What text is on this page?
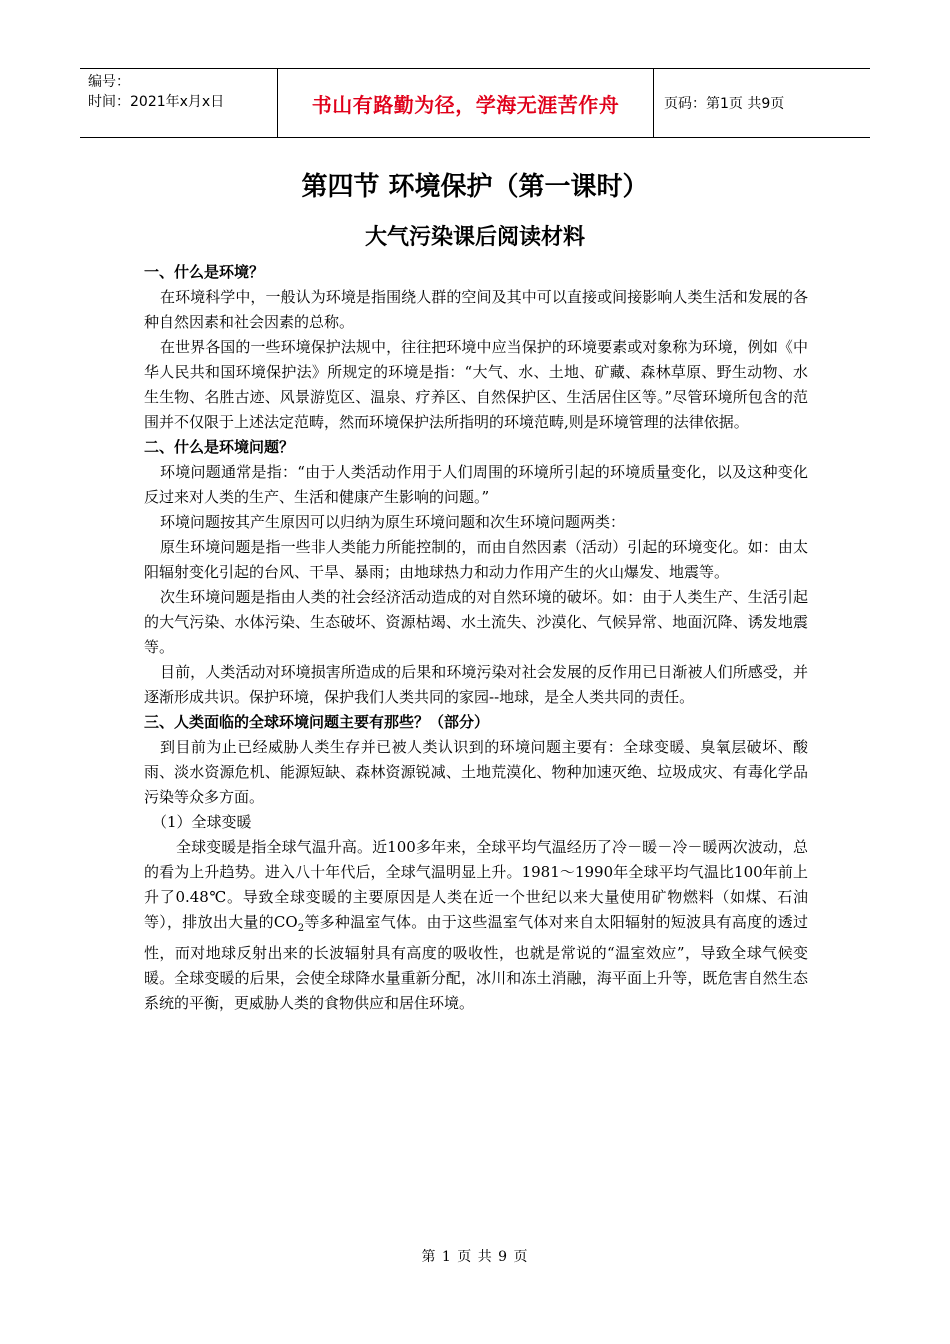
编号：
时间：2021年x月x日	书山有路勤为径，学海无涯苦作舟	页码：第1页 共9页
第四节 环境保护（第一课时）
大气污染课后阅读材料

一、什么是环境？

在环境科学中，一般认为环境是指围绕人群的空间及其中可以直接或间接影响人类生活和发展的各种自然因素和社会因素的总称。

在世界各国的一些环境保护法规中，往往把环境中应当保护的环境要素或对象称为环境，例如《中华人民共和国环境保护法》所规定的环境是指：“大气、水、土地、矿藏、森林草原、野生动物、水生生物、名胜古迹、风景游览区、温泉、疗养区、自然保护区、生活居住区等。”尽管环境所包含的范围并不仅限于上述法定范畴，然而环境保护法所指明的环境范畴,则是环境管理的法律依据。

二、什么是环境问题？

环境问题通常是指：“由于人类活动作用于人们周围的环境所引起的环境质量变化，以及这种变化反过来对人类的生产、生活和健康产生影响的问题。”

环境问题按其产生原因可以归纳为原生环境问题和次生环境问题两类：

原生环境问题是指一些非人类能力所能控制的，而由自然因素（活动）引起的环境变化。如：由太阳辐射变化引起的台风、干旱、暴雨；由地球热力和动力作用产生的火山爆发、地震等。

次生环境问题是指由人类的社会经济活动造成的对自然环境的破坏。如：由于人类生产、生活引起的大气污染、水体污染、生态破坏、资源枯竭、水土流失、沙漠化、气候异常、地面沉降、诱发地震等。

目前，人类活动对环境损害所造成的后果和环境污染对社会发展的反作用已日渐被人们所感受，并逐渐形成共识。保护环境，保护我们人类共同的家园--地球，是全人类共同的责任。

三、人类面临的全球环境问题主要有那些？（部分）

到目前为止已经威胁人类生存并已被人类认识到的环境问题主要有：全球变暖、臭氧层破坏、酸雨、淡水资源危机、能源短缺、森林资源锐减、土地荒漠化、物种加速灭绝、垃圾成灾、有毒化学品污染等众多方面。

（1）全球变暖

全球变暖是指全球气温升高。近100多年来，全球平均气温经历了冷－暖－冷－暖两次波动，总的看为上升趋势。进入八十年代后，全球气温明显上升。1981～1990年全球平均气温比100年前上升了0.48℃。导致全球变暖的主要原因是人类在近一个世纪以来大量使用矿物燃料（如煤、石油等），排放出大量的$CO_2$等多种温室气体。由于这些温室气体对来自太阳辐射的短波具有高度的透过性，而对地球反射出来的长波辐射具有高度的吸收性，也就是常说的“温室效应”，导致全球气候变暖。全球变暖的后果，会使全球降水量重新分配，冰川和冻土消融，海平面上升等，既危害自然生态系统的平衡，更威胁人类的食物供应和居住环境。

第 1 页 共 9 页
